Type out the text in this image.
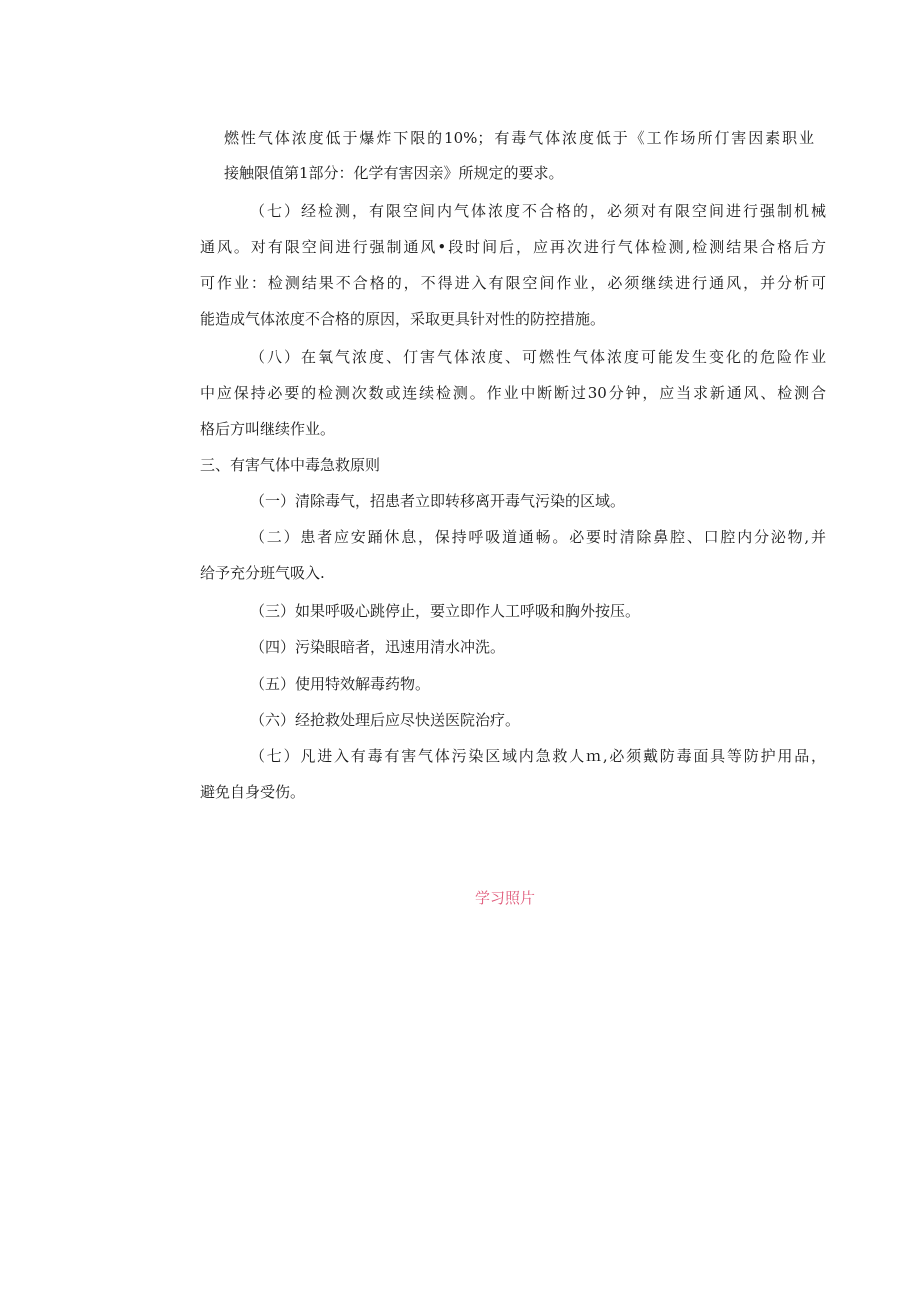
燃性气体浓度低于爆炸下限的10%；有毒气体浓度低于《工作场所仃害因素职业
接触限值第1部分：化学有害因亲》所规定的要求。
（七）经检测，有限空间内气体浓度不合格的，必须对有限空间进行强制机械
通风。对有限空间进行强制通风•段时间后，应再次进行气体检测,检测结果合格后方
可作业：检测结果不合格的，不得进入有限空间作业，必须继续进行通风，并分析可
能造成气体浓度不合格的原因，采取更具针对性的防控措施。
（八）在氧气浓度、仃害气体浓度、可燃性气体浓度可能发生变化的危险作业
中应保持必要的检测次数或连续检测。作业中断断过30分钟，应当求新通风、检测合
格后方叫继续作业。
三、有害气体中毒急救原则
（一）清除毒气，招患者立即转移离开毒气污染的区域。
（二）患者应安踊休息，保持呼吸道通畅。必要时清除鼻腔、口腔内分泌物,并
给予充分班气吸入.
（三）如果呼吸心跳停止，要立即作人工呼吸和胸外按压。
（四）污染眼暗者，迅速用清水冲洗。
（五）使用特效解毒药物。
（六）经抢救处理后应尽快送医院治疗。
（七）凡进入有毒有害气体污染区域内急救人ｍ,必须戴防毒面具等防护用品，
避免自身受伤。
学习照片
